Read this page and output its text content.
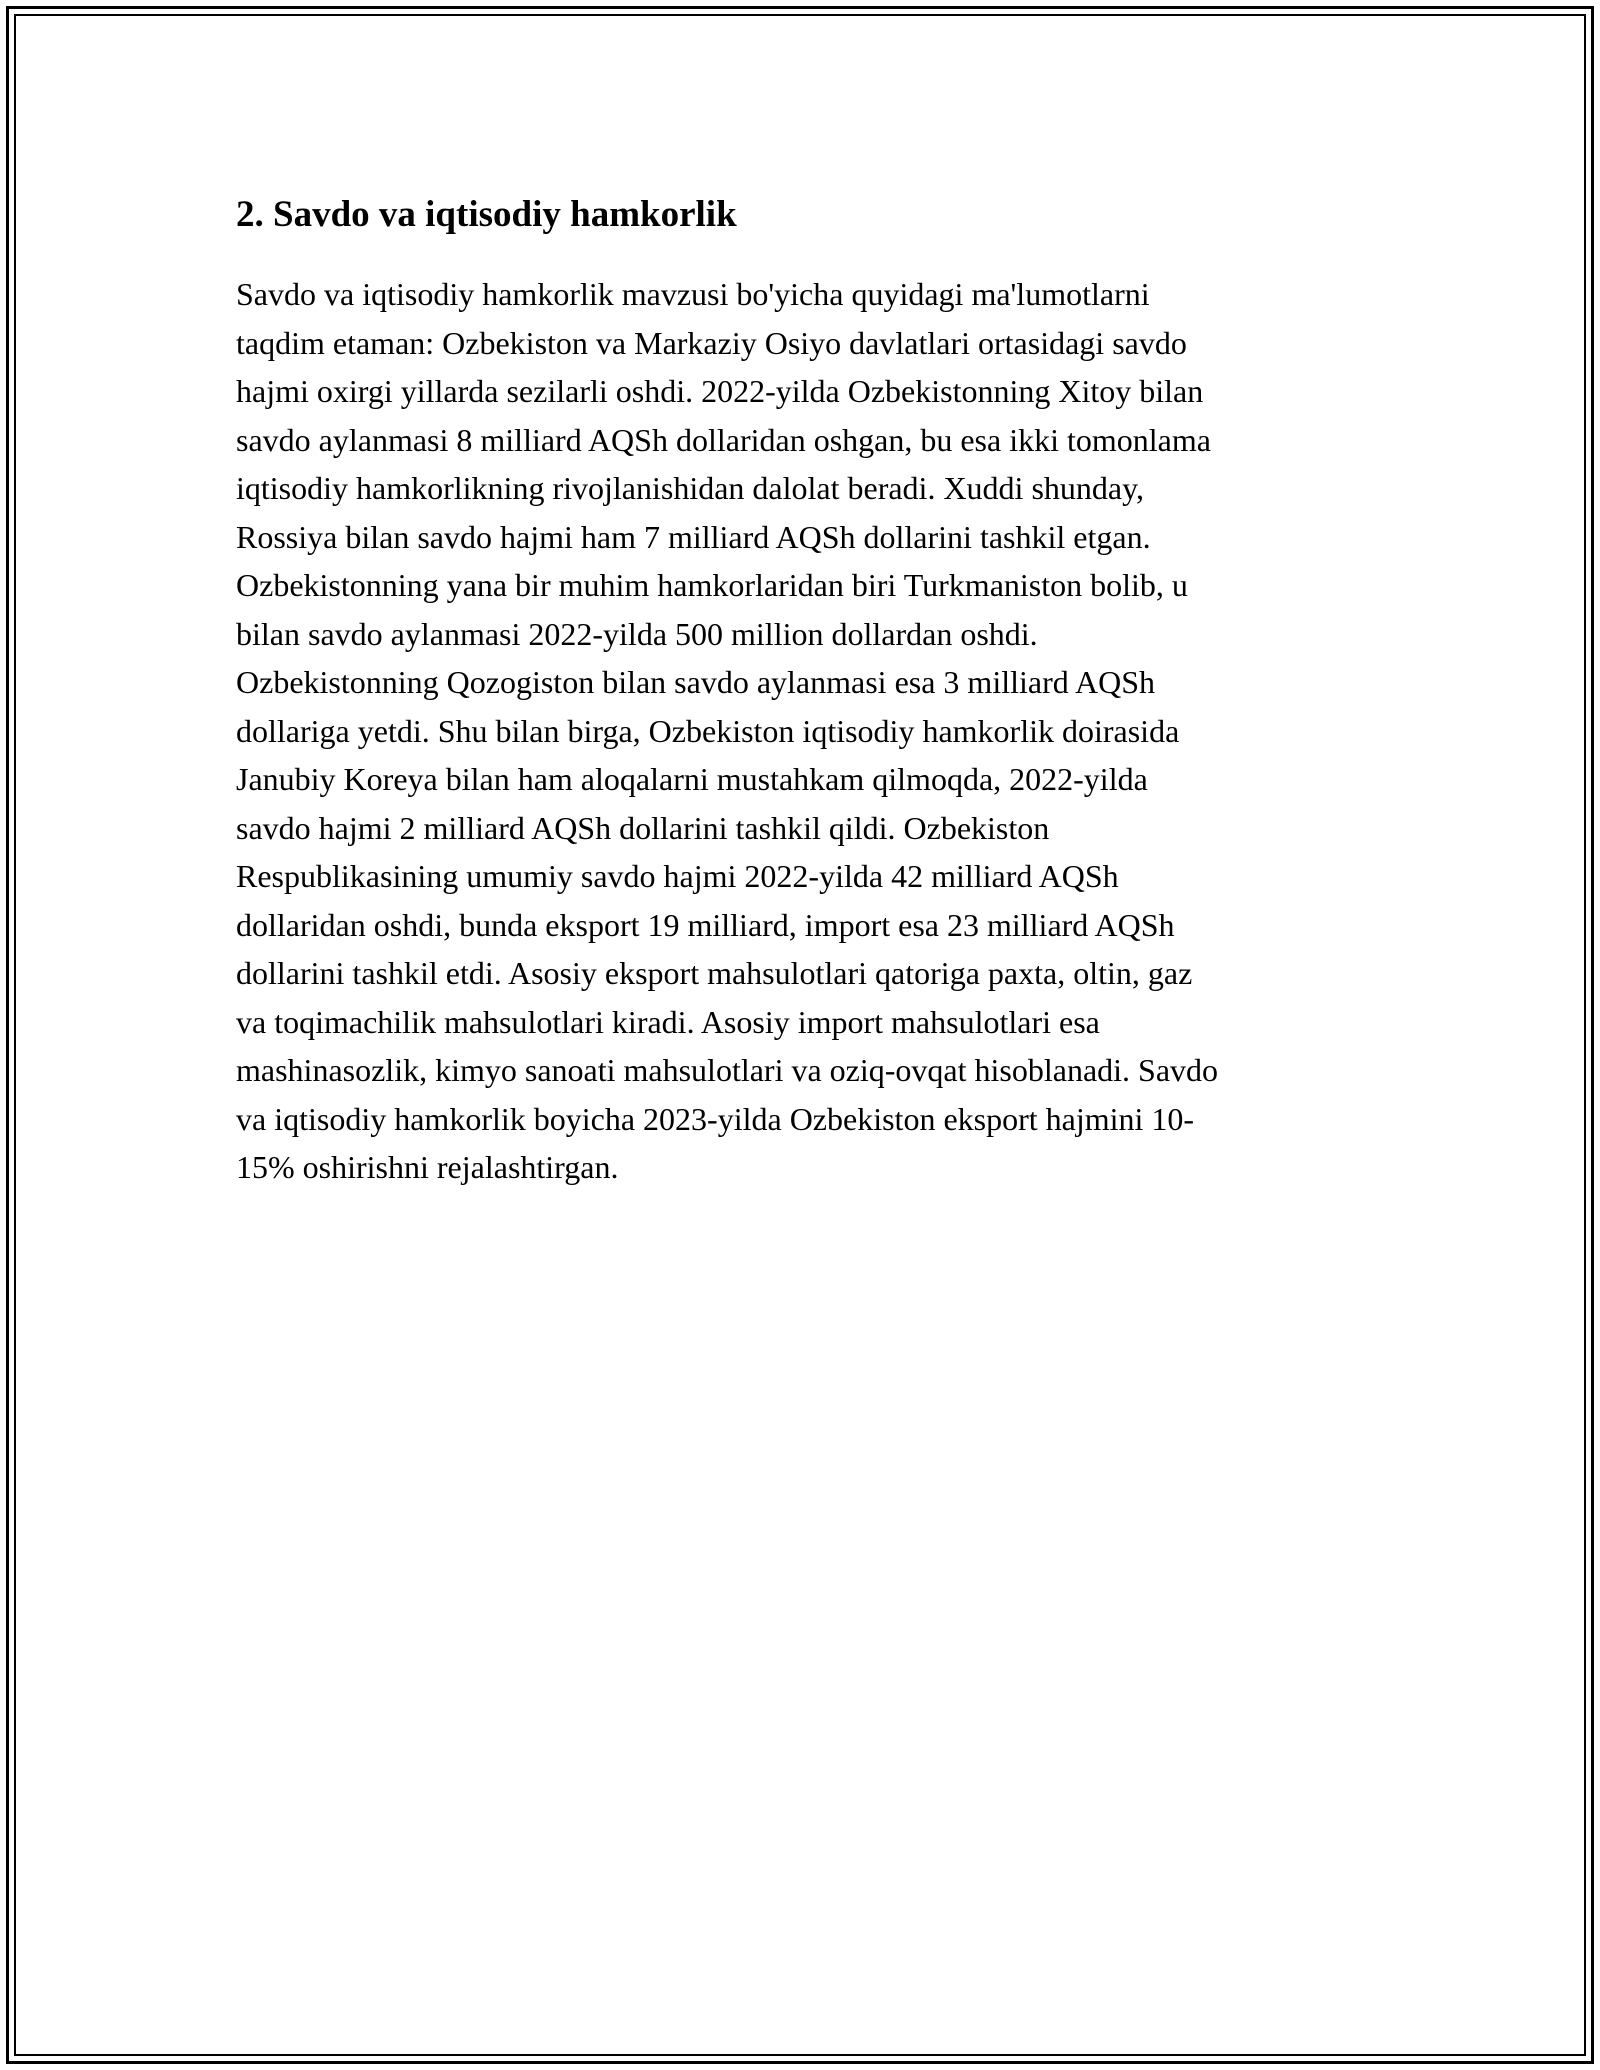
2. Savdo va iqtisodiy hamkorlik

Savdo va iqtisodiy hamkorlik mavzusi bo'yicha quyidagi ma'lumotlarni
taqdim etaman: Ozbekiston va Markaziy Osiyo davlatlari ortasidagi savdo
hajmi oxirgi yillarda sezilarli oshdi. 2022-yilda Ozbekistonning Xitoy bilan
savdo aylanmasi 8 milliard AQSh dollaridan oshgan, bu esa ikki tomonlama
iqtisodiy hamkorlikning rivojlanishidan dalolat beradi. Xuddi shunday,
Rossiya bilan savdo hajmi ham 7 milliard AQSh dollarini tashkil etgan.
Ozbekistonning yana bir muhim hamkorlaridan biri Turkmaniston bolib, u
bilan savdo aylanmasi 2022-yilda 500 million dollardan oshdi.
Ozbekistonning Qozogiston bilan savdo aylanmasi esa 3 milliard AQSh
dollariga yetdi. Shu bilan birga, Ozbekiston iqtisodiy hamkorlik doirasida
Janubiy Koreya bilan ham aloqalarni mustahkam qilmoqda, 2022-yilda
savdo hajmi 2 milliard AQSh dollarini tashkil qildi. Ozbekiston
Respublikasining umumiy savdo hajmi 2022-yilda 42 milliard AQSh
dollaridan oshdi, bunda eksport 19 milliard, import esa 23 milliard AQSh
dollarini tashkil etdi. Asosiy eksport mahsulotlari qatoriga paxta, oltin, gaz
va toqimachilik mahsulotlari kiradi. Asosiy import mahsulotlari esa
mashinasozlik, kimyo sanoati mahsulotlari va oziq-ovqat hisoblanadi. Savdo
va iqtisodiy hamkorlik boyicha 2023-yilda Ozbekiston eksport hajmini 10-
15% oshirishni rejalashtirgan.
